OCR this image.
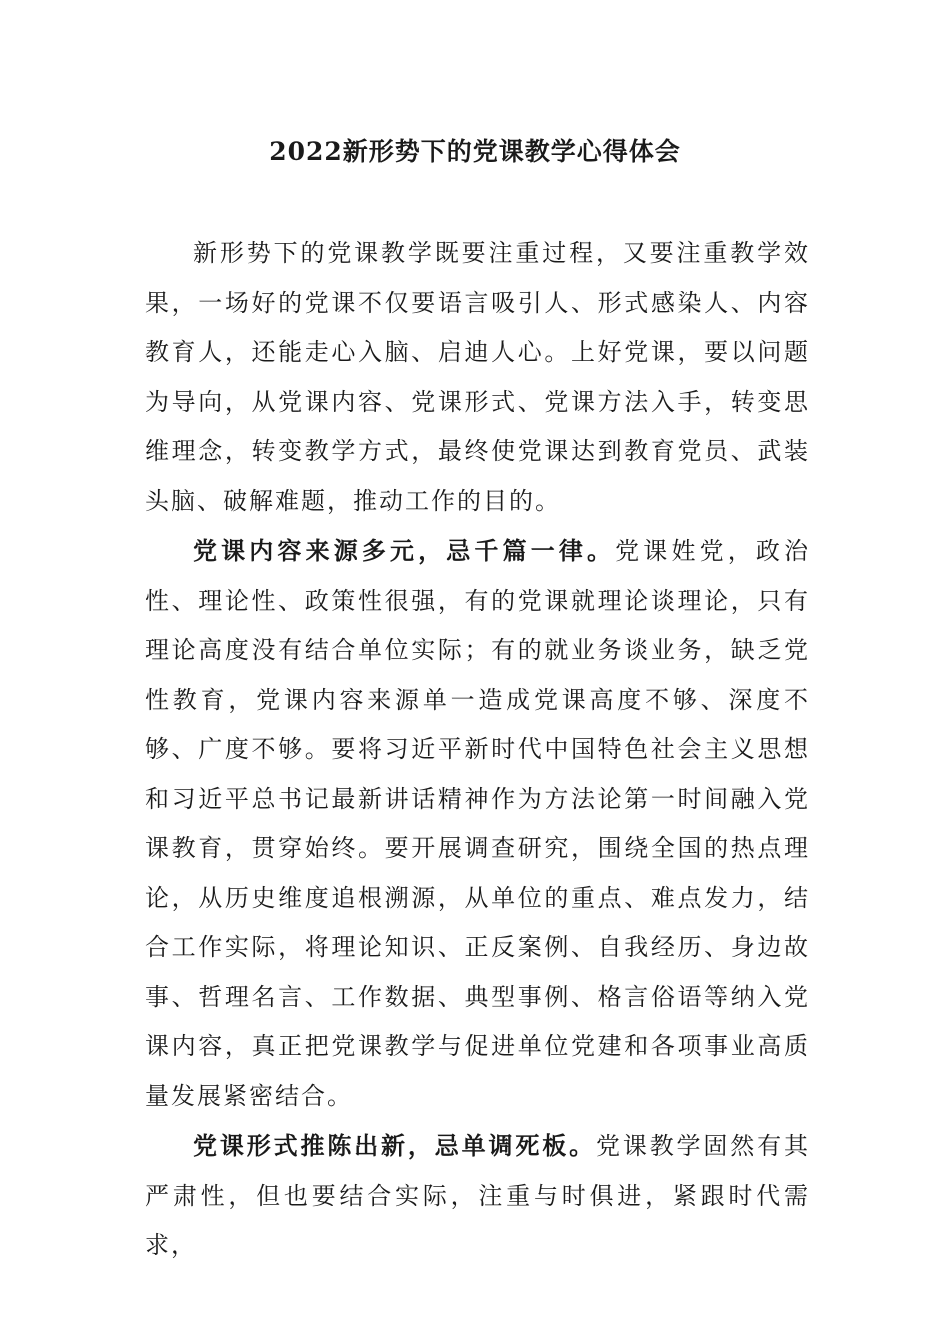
2022新形势下的党课教学心得体会

新形势下的党课教学既要注重过程，又要注重教学效果，一场好的党课不仅要语言吸引人、形式感染人、内容教育人，还能走心入脑、启迪人心。上好党课，要以问题为导向，从党课内容、党课形式、党课方法入手，转变思维理念，转变教学方式，最终使党课达到教育党员、武装头脑、破解难题，推动工作的目的。

党课内容来源多元，忌千篇一律。党课姓党，政治性、理论性、政策性很强，有的党课就理论谈理论，只有理论高度没有结合单位实际；有的就业务谈业务，缺乏党性教育，党课内容来源单一造成党课高度不够、深度不够、广度不够。要将习近平新时代中国特色社会主义思想和习近平总书记最新讲话精神作为方法论第一时间融入党课教育，贯穿始终。要开展调查研究，围绕全国的热点理论，从历史维度追根溯源，从单位的重点、难点发力，结合工作实际，将理论知识、正反案例、自我经历、身边故事、哲理名言、工作数据、典型事例、格言俗语等纳入党课内容，真正把党课教学与促进单位党建和各项事业高质量发展紧密结合。

党课形式推陈出新，忌单调死板。党课教学固然有其严肃性，但也要结合实际，注重与时俱进，紧跟时代需求，
